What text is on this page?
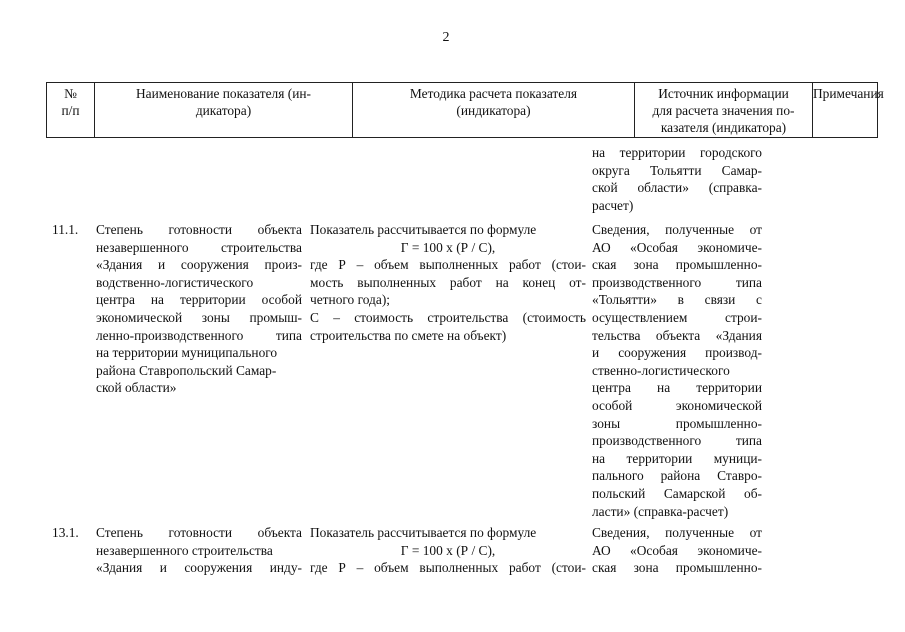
2
№
п/п
Наименование показателя (ин-
дикатора)
Методика расчета показателя
(индикатора)
Источник информации
для расчета значения по-
казателя (индикатора)
Примечания
на территории городского
округа Тольятти Самар-
ской области» (справка-
расчет)
11.1.	Степень готовности объекта
незавершенного строительства
«Здания и сооружения произ-
водственно-логистического
центра на территории особой
экономической зоны промыш-
ленно-производственного типа
на территории муниципального
района Ставропольский Самар-
ской области»
Показатель рассчитывается по формуле
Г = 100 х (Р / С),
где Р – объем выполненных работ (стои-
мость выполненных работ на конец от-
четного года);
С – стоимость строительства (стоимость
строительства по смете на объект)
Сведения, полученные от
АО «Особая экономиче-
ская зона промышленно-
производственного типа
«Тольятти» в связи с
осуществлением строи-
тельства объекта «Здания
и сооружения производ-
ственно-логистического
центра на территории
особой экономической
зоны промышленно-
производственного типа
на территории муници-
пального района Ставро-
польский Самарской об-
ласти» (справка-расчет)
13.1.	Степень готовности объекта
незавершенного строительства
«Здания и сооружения инду-
Показатель рассчитывается по формуле
Г = 100 х (Р / С),
где Р – объем выполненных работ (стои-
Сведения, полученные от
АО «Особая экономиче-
ская зона промышленно-
